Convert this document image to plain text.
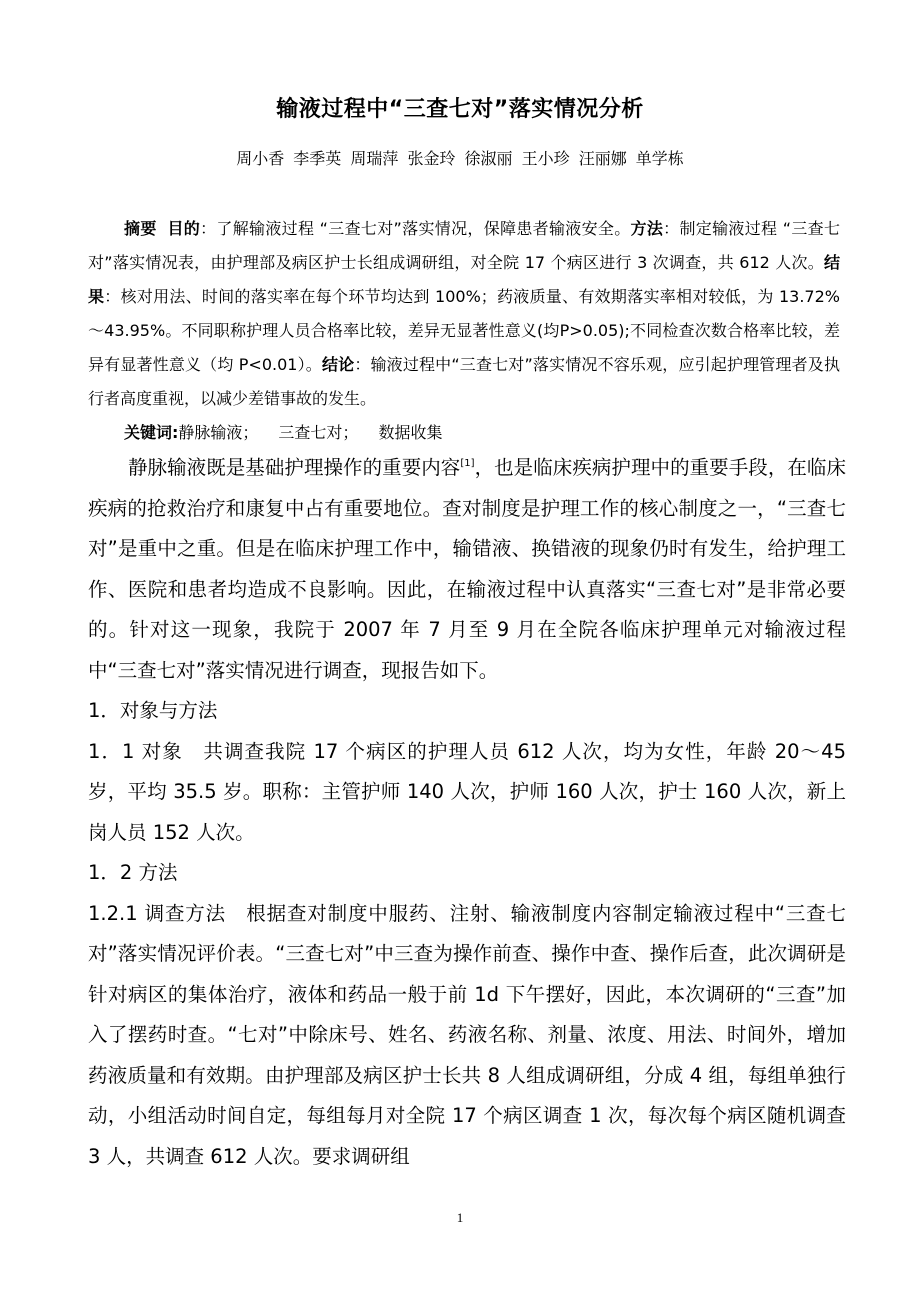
输液过程中“三查七对”落实情况分析
周小香 李季英 周瑞萍 张金玲 徐淑丽 王小珍 汪丽娜 单学栋

摘要 目的：了解输液过程 “三查七对”落实情况，保障患者输液安全。方法：制定输液过程 “三查七对”落实情况表，由护理部及病区护士长组成调研组，对全院 17 个病区进行 3 次调查，共 612 人次。结果：核对用法、时间的落实率在每个环节均达到 100%；药液质量、有效期落实率相对较低，为 13.72%～43.95%。不同职称护理人员合格率比较，差异无显著性意义(均P>0.05);不同检查次数合格率比较，差异有显著性意义（均 P<0.01）。结论：输液过程中“三查七对”落实情况不容乐观，应引起护理管理者及执行者高度重视，以减少差错事故的发生。

关键词:静脉输液； 三查七对； 数据收集

静脉输液既是基础护理操作的重要内容[1]，也是临床疾病护理中的重要手段，在临床疾病的抢救治疗和康复中占有重要地位。查对制度是护理工作的核心制度之一，“三查七对”是重中之重。但是在临床护理工作中，输错液、换错液的现象仍时有发生，给护理工作、医院和患者均造成不良影响。因此，在输液过程中认真落实“三查七对”是非常必要的。针对这一现象，我院于 2007 年 7 月至 9 月在全院各临床护理单元对输液过程中“三查七对”落实情况进行调查，现报告如下。

1．对象与方法

1．1 对象　共调查我院 17 个病区的护理人员 612 人次，均为女性，年龄 20～45 岁，平均 35.5 岁。职称：主管护师 140 人次，护师 160 人次，护士 160 人次，新上岗人员 152 人次。

1．2 方法

1.2.1 调查方法　根据查对制度中服药、注射、输液制度内容制定输液过程中“三查七对”落实情况评价表。“三查七对”中三查为操作前查、操作中查、操作后查，此次调研是针对病区的集体治疗，液体和药品一般于前 1d 下午摆好，因此，本次调研的“三查”加入了摆药时查。“七对”中除床号、姓名、药液名称、剂量、浓度、用法、时间外，增加药液质量和有效期。由护理部及病区护士长共 8 人组成调研组，分成 4 组，每组单独行动，小组活动时间自定，每组每月对全院 17 个病区调查 1 次，每次每个病区随机调查 3 人，共调查 612 人次。要求调研组

1
